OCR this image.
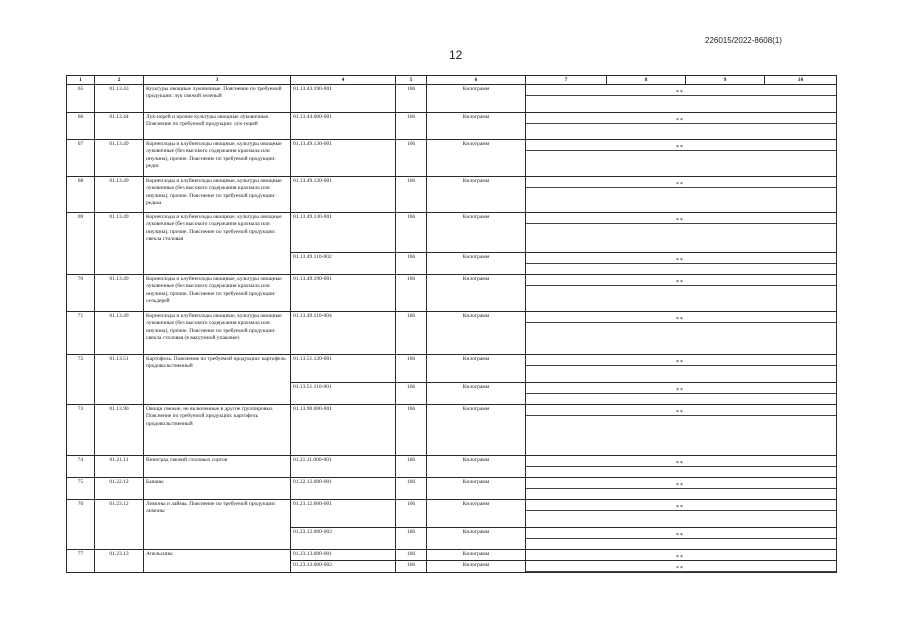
226015/2022-8608(1)
12
1	2	3	4	5	6	7	8	9	10
65	01.13.43	Культуры овощные луковичные. Пояснение по требуемой продукции: лук свежий зеленый	01.13.43.190-001	166	Килограмм	**			

66	01.13.44	Лук-порей и прочие культуры овощные луковичные. Пояснение по требуемой продукции: лук-порей	01.13.44.000-001	166	Килограмм	**			

67	01.13.49	Корнеплоды и клубнеплоды овощные, культуры овощные луковичные (без высокого содержания крахмала или инулина), прочие. Пояснение по требуемой продукции: редис	01.13.49.130-001	166	Килограмм	**			

68	01.13.49	Корнеплоды и клубнеплоды овощные, культуры овощные луковичные (без высокого содержания крахмала или инулина), прочие. Пояснение по требуемой продукции: редька	01.13.49.120-001	166	Килограмм	**			

69	01.13.49	Корнеплоды и клубнеплоды овощные, культуры овощные луковичные (без высокого содержания крахмала или инулина), прочие. Пояснение по требуемой продукции: свекла столовая	01.13.49.130-001	166	Килограмм	**			

			01.13.49.110-002	166	Килограмм	**			

70	01.13.49	Корнеплоды и клубнеплоды овощные, культуры овощные луковичные (без высокого содержания крахмала или инулина), прочие. Пояснение по требуемой продукции: сельдерей	01.13.49.190-001	166	Килограмм	**			

71	01.13.49	Корнеплоды и клубнеплоды овощные, культуры овощные луковичные (без высокого содержания крахмала или инулина), прочие. Пояснение по требуемой продукции: свекла столовая (в вакуумной упаковке)	01.13.49.110-004	166	Килограмм	**			

72	01.13.51	Картофель. Пояснение по требуемой продукции: картофель продовольственный	01.13.51.120-001	166	Килограмм	**			

			01.13.51.110-001	166	Килограмм	**			

73	01.13.90	Овощи свежие, не включенные в другие группировки. Пояснение по требуемой продукции: картофель продовольственный	01.13.90.000-001	166	Килограмм	**			

74	01.21.11	Виноград свежий столовых сортов	01.21.11.000-001	166	Килограмм	**			

75	01.22.12	Бананы	01.22.12.000-001	166	Килограмм	**			

76	01.23.12	Лимоны и лаймы. Пояснение по требуемой продукции: лимоны	01.23.12.000-001	166	Килограмм	**			

			01.23.12.000-002	166	Килограмм	**			

77	01.23.13	Апельсины	01.23.13.000-001	166	Килограмм	**			

			01.23.13.000-002	166	Килограмм	**			
